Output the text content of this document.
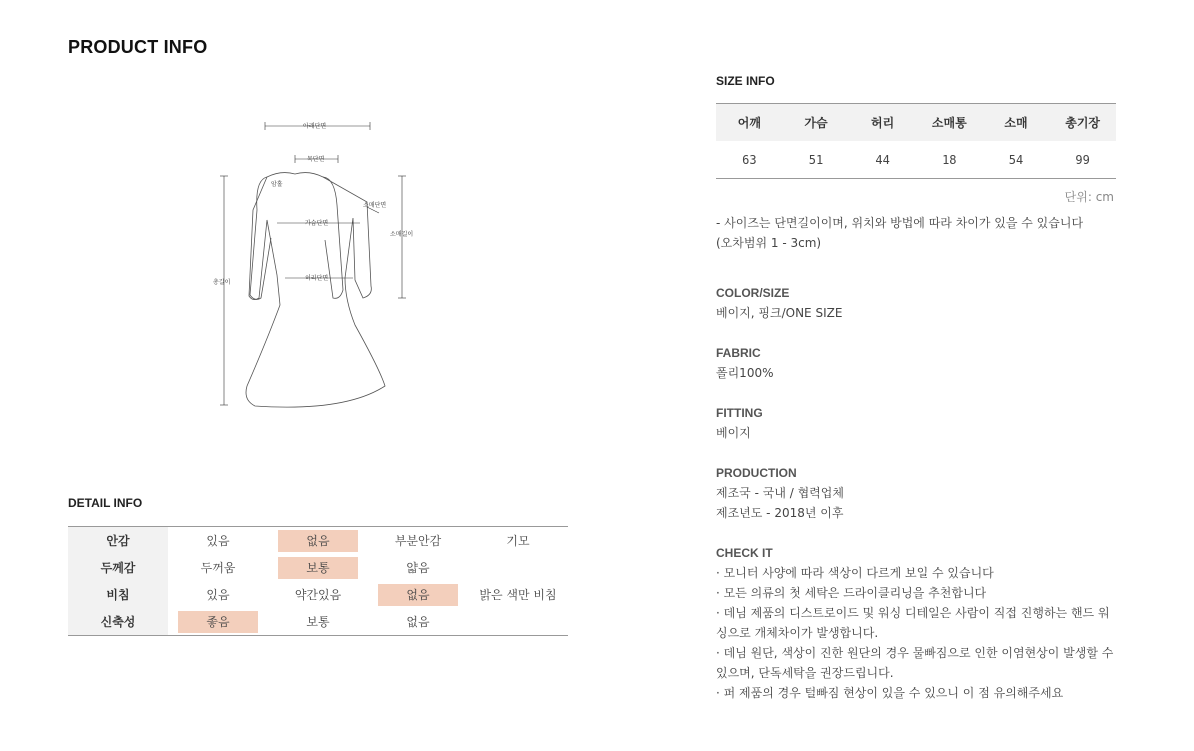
PRODUCT INFO
아래단면
목단면
암홀
소매단면
가슴단면
소매길이
허리단면
총길이
DETAIL INFO
안감	있음	없음	부분안감	기모
두께감	두꺼움	보통	얇음	
비침	있음	약간있음	없음	밝은 색만 비침
신축성	좋음	보통	없음	
SIZE INFO
어깨	가슴	허리	소매통	소매	총기장
63	51	44	18	54	99
단위: cm
- 사이즈는 단면길이이며, 위치와 방법에 따라 차이가 있을 수 있습니다
(오차범위 1 - 3cm)
COLOR/SIZE
베이지, 핑크/ONE SIZE
FABRIC
폴리100%
FITTING
베이지
PRODUCTION
제조국 - 국내 / 협력업체
제조년도 - 2018년 이후
CHECK IT
· 모니터 사양에 따라 색상이 다르게 보일 수 있습니다
· 모든 의류의 첫 세탁은 드라이클리닝을 추천합니다
· 데님 제품의 디스트로이드 및 워싱 디테일은 사람이 직접 진행하는 핸드 워싱으로 개체차이가 발생합니다.
· 데님 원단, 색상이 진한 원단의 경우 물빠짐으로 인한 이염현상이 발생할 수 있으며, 단독세탁을 권장드립니다.
· 퍼 제품의 경우 털빠짐 현상이 있을 수 있으니 이 점 유의해주세요
